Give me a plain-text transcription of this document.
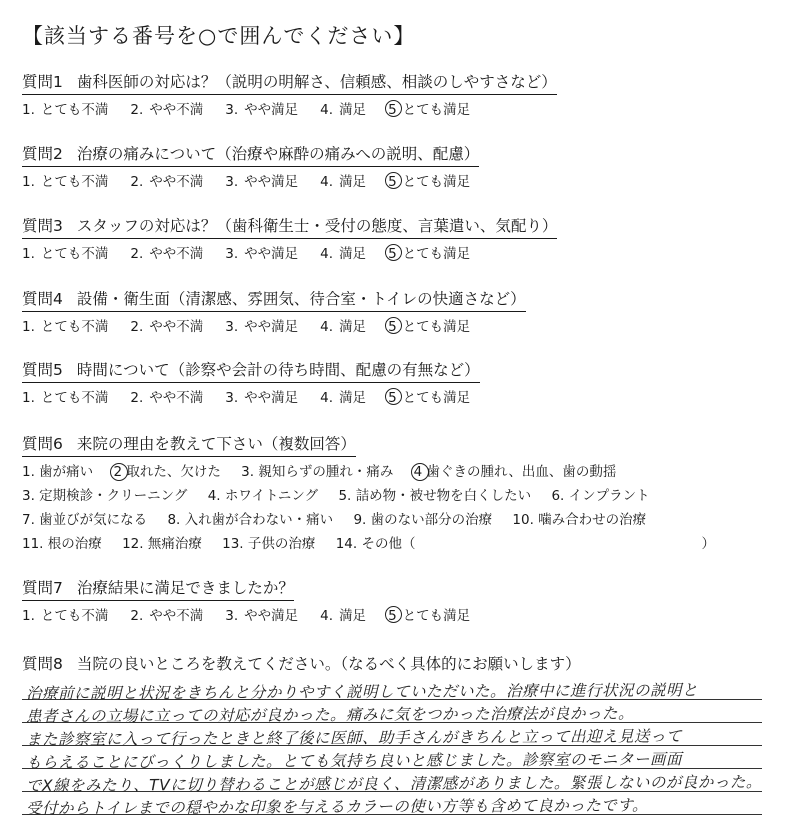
【該当する番号を○で囲んでください】
質問1 歯科医師の対応は？（説明の明解さ、信頼感、相談のしやすさなど）
1. とても不満 2. やや不満 3. やや満足 4. 満足 5 とても満足
質問2 治療の痛みについて（治療や麻酔の痛みへの説明、配慮）
1. とても不満 2. やや不満 3. やや満足 4. 満足 5 とても満足
質問3 スタッフの対応は？（歯科衛生士・受付の態度、言葉遣い、気配り）
1. とても不満 2. やや不満 3. やや満足 4. 満足 5 とても満足
質問4 設備・衛生面（清潔感、雰囲気、待合室・トイレの快適さなど）
1. とても不満 2. やや不満 3. やや満足 4. 満足 5 とても満足
質問5 時間について（診察や会計の待ち時間、配慮の有無など）
1. とても不満 2. やや不満 3. やや満足 4. 満足 5 とても満足
質問7 治療結果に満足できましたか？
1. とても不満 2. やや不満 3. やや満足 4. 満足 5 とても満足
質問6 来院の理由を教えて下さい（複数回答）
1. 歯が痛い 2 取れた、欠けた 3. 親知らずの腫れ・痛み 4 歯ぐきの腫れ、出血、歯の動揺
3. 定期検診・クリーニング 4. ホワイトニング 5. 詰め物・被せ物を白くしたい 6. インプラント
7. 歯並びが気になる 8. 入れ歯が合わない・痛い 9. 歯のない部分の治療 10. 噛み合わせの治療
11. 根の治療 12. 無痛治療 13. 子供の治療 14. その他（	）
質問8 当院の良いところを教えてください。（なるべく具体的にお願いします）
治療前に説明と状況をきちんと分かりやすく説明していただいた。治療中に進行状況の説明と
患者さんの立場に立っての対応が良かった。痛みに気をつかった治療法が良かった。
また診察室に入って行ったときと終了後に医師、助手さんがきちんと立って出迎え見送って
もらえることにびっくりしました。とても気持ち良いと感じました。診察室のモニター画面
でX線をみたり、TVに切り替わることが感じが良く、清潔感がありました。緊張しないのが良かった。
受付からトイレまでの穏やかな印象を与えるカラーの使い方等も含めて良かったです。
